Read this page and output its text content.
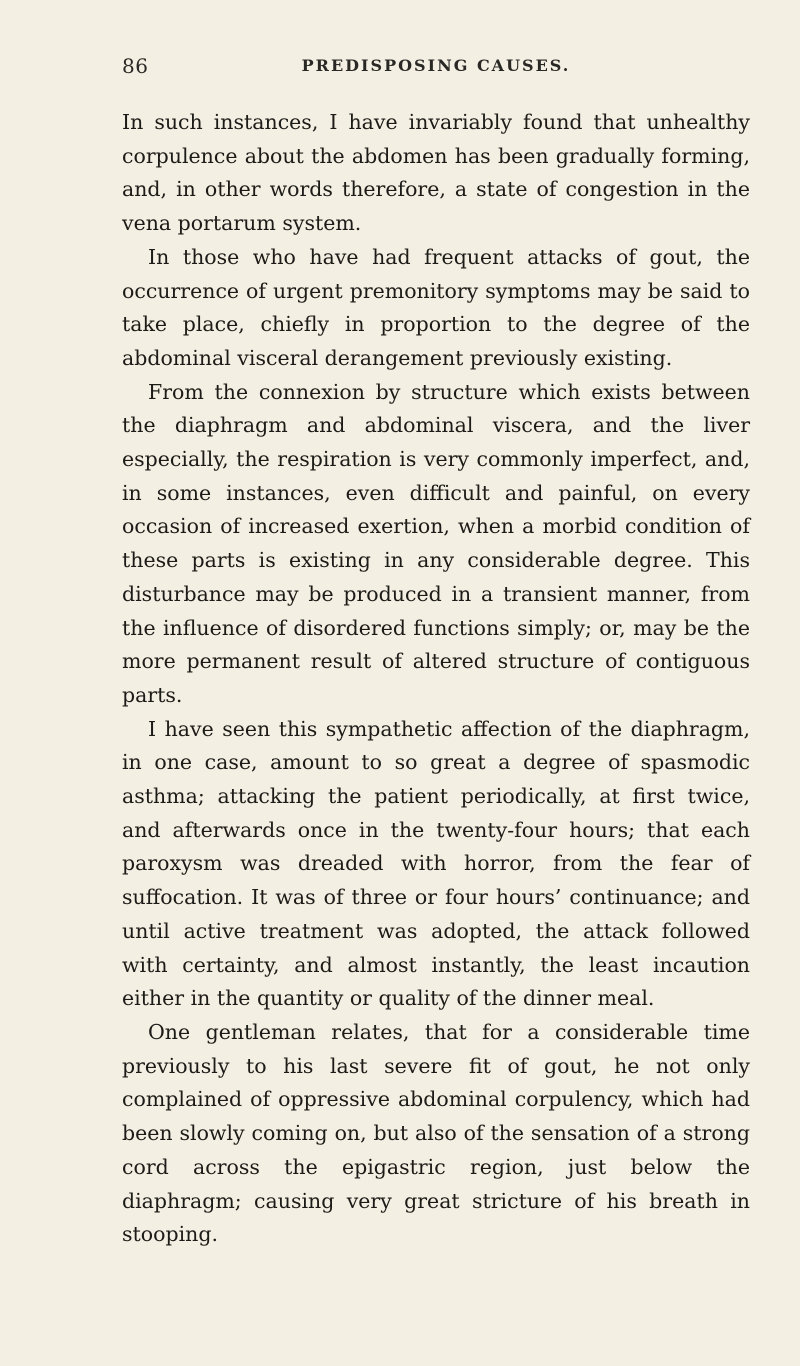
86	PREDISPOSING CAUSES.

In such instances, I have invariably found that unhealthy corpulence about the abdomen has been gradually forming, and, in other words therefore, a state of congestion in the vena portarum system.

In those who have had frequent attacks of gout, the occurrence of urgent premonitory symptoms may be said to take place, chiefly in proportion to the degree of the abdominal visceral derangement previously existing.

From the connexion by structure which exists between the diaphragm and abdominal viscera, and the liver especially, the respiration is very commonly imperfect, and, in some instances, even difficult and painful, on every occasion of increased exertion, when a morbid condition of these parts is existing in any considerable degree. This disturbance may be produced in a transient manner, from the influence of disordered functions simply; or, may be the more permanent result of altered structure of contiguous parts.

I have seen this sympathetic affection of the diaphragm, in one case, amount to so great a degree of spasmodic asthma; attacking the patient periodically, at first twice, and afterwards once in the twenty-four hours; that each paroxysm was dreaded with horror, from the fear of suffocation. It was of three or four hours’ continuance; and until active treatment was adopted, the attack followed with certainty, and almost instantly, the least incaution either in the quantity or quality of the dinner meal.

One gentleman relates, that for a considerable time previously to his last severe fit of gout, he not only complained of oppressive abdominal corpulency, which had been slowly coming on, but also of the sensation of a strong cord across the epigastric region, just below the diaphragm; causing very great stricture of his breath in stooping.
